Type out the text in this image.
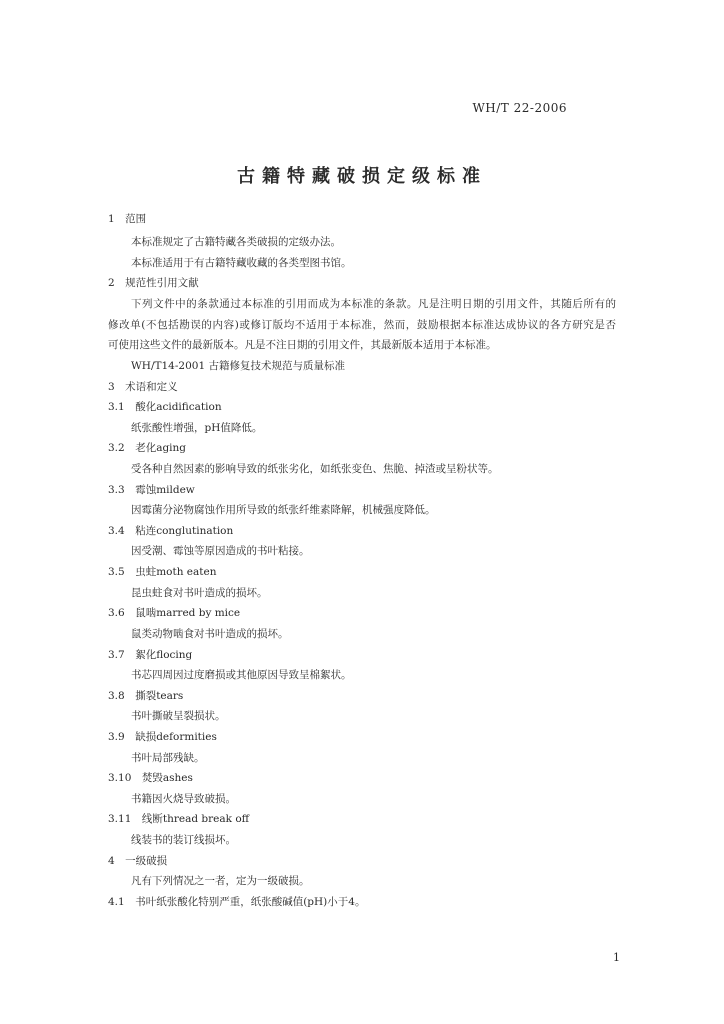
WH/T 22-2006
古籍特藏破损定级标准
1　范围
本标准规定了古籍特藏各类破损的定级办法。
本标准适用于有古籍特藏收藏的各类型图书馆。
2　规范性引用文献
下列文件中的条款通过本标准的引用而成为本标准的条款。凡是注明日期的引用文件，其随后所有的
修改单(不包括勘误的内容)或修订版均不适用于本标准，然而，鼓励根据本标准达成协议的各方研究是否
可使用这些文件的最新版本。凡是不注日期的引用文件，其最新版本适用于本标准。
WH/T14-2001 古籍修复技术规范与质量标准
3　术语和定义
3.1　酸化acidification
纸张酸性增强，pH值降低。
3.2　老化aging
受各种自然因素的影响导致的纸张劣化，如纸张变色、焦脆、掉渣或呈粉状等。
3.3　霉蚀mildew
因霉菌分泌物腐蚀作用所导致的纸张纤维素降解，机械强度降低。
3.4　粘连conglutination
因受潮、霉蚀等原因造成的书叶粘接。
3.5　虫蛀moth eaten
昆虫蛀食对书叶造成的损坏。
3.6　鼠啮marred by mice
鼠类动物啮食对书叶造成的损坏。
3.7　絮化flocing
书芯四周因过度磨损或其他原因导致呈棉絮状。
3.8　撕裂tears
书叶撕破呈裂损状。
3.9　缺损deformities
书叶局部残缺。
3.10　焚毁ashes
书籍因火烧导致破损。
3.11　线断thread break off
线装书的装订线损坏。
4　一级破损
凡有下列情况之一者，定为一级破损。
4.1　书叶纸张酸化特别严重，纸张酸碱值(pH)小于4。
1
